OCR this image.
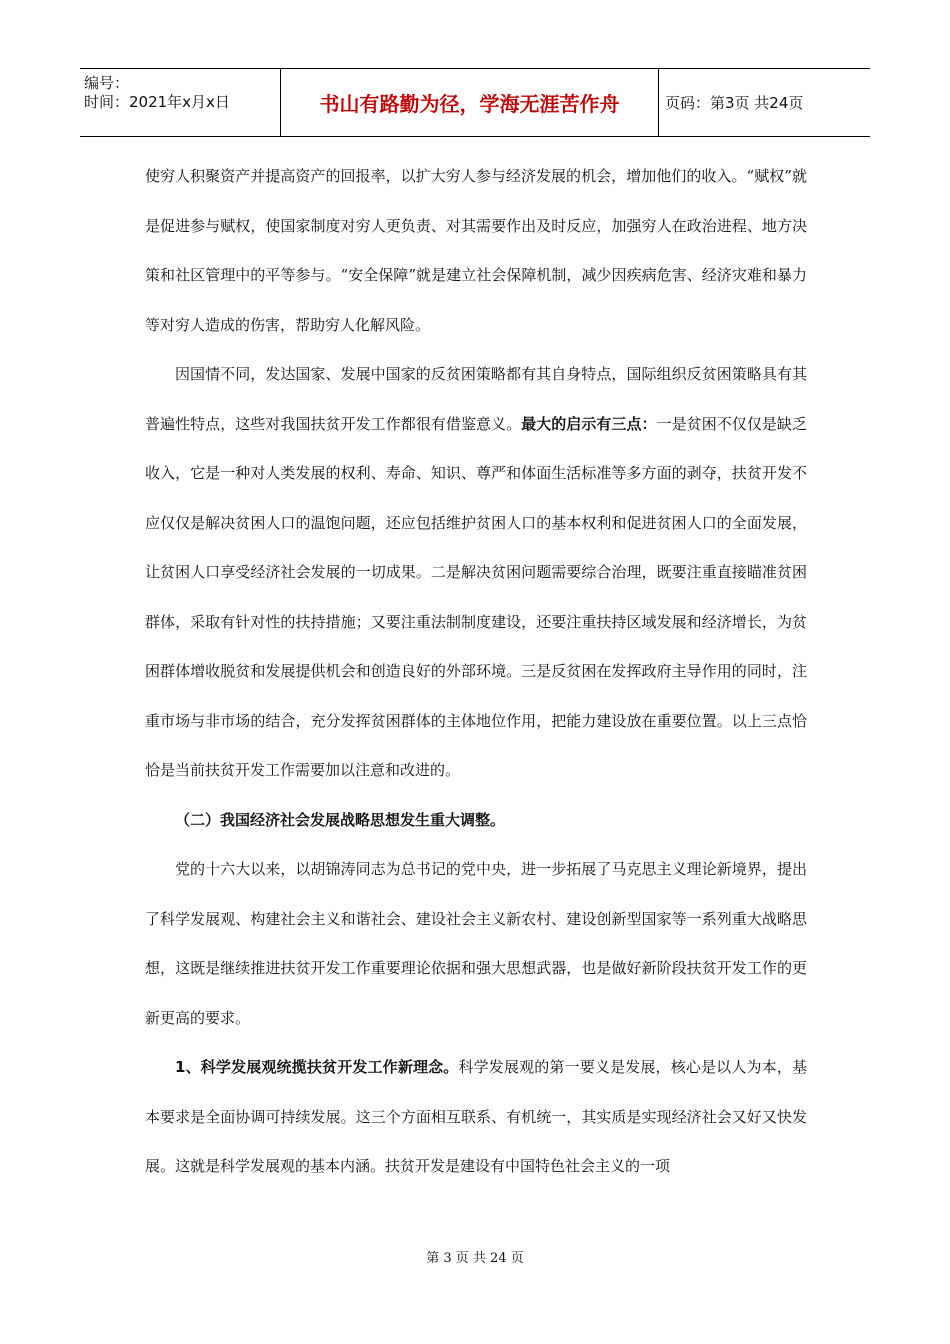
编号：
时间：2021年x月x日	书山有路勤为径，学海无涯苦作舟	页码：第3页 共24页

使穷人积聚资产并提高资产的回报率，以扩大穷人参与经济发展的机会，增加他们的收入。“赋权”就是促进参与赋权，使国家制度对穷人更负责、对其需要作出及时反应，加强穷人在政治进程、地方决策和社区管理中的平等参与。“安全保障”就是建立社会保障机制，减少因疾病危害、经济灾难和暴力等对穷人造成的伤害，帮助穷人化解风险。

因国情不同，发达国家、发展中国家的反贫困策略都有其自身特点，国际组织反贫困策略具有其普遍性特点，这些对我国扶贫开发工作都很有借鉴意义。最大的启示有三点：一是贫困不仅仅是缺乏收入，它是一种对人类发展的权利、寿命、知识、尊严和体面生活标准等多方面的剥夺，扶贫开发不应仅仅是解决贫困人口的温饱问题，还应包括维护贫困人口的基本权利和促进贫困人口的全面发展，让贫困人口享受经济社会发展的一切成果。二是解决贫困问题需要综合治理，既要注重直接瞄准贫困群体，采取有针对性的扶持措施；又要注重法制制度建设，还要注重扶持区域发展和经济增长，为贫困群体增收脱贫和发展提供机会和创造良好的外部环境。三是反贫困在发挥政府主导作用的同时，注重市场与非市场的结合，充分发挥贫困群体的主体地位作用，把能力建设放在重要位置。以上三点恰恰是当前扶贫开发工作需要加以注意和改进的。

（二）我国经济社会发展战略思想发生重大调整。

党的十六大以来，以胡锦涛同志为总书记的党中央，进一步拓展了马克思主义理论新境界，提出了科学发展观、构建社会主义和谐社会、建设社会主义新农村、建设创新型国家等一系列重大战略思想，这既是继续推进扶贫开发工作重要理论依据和强大思想武器，也是做好新阶段扶贫开发工作的更新更高的要求。

1、科学发展观统揽扶贫开发工作新理念。科学发展观的第一要义是发展，核心是以人为本，基本要求是全面协调可持续发展。这三个方面相互联系、有机统一，其实质是实现经济社会又好又快发展。这就是科学发展观的基本内涵。扶贫开发是建设有中国特色社会主义的一项

第 3 页 共 24 页
